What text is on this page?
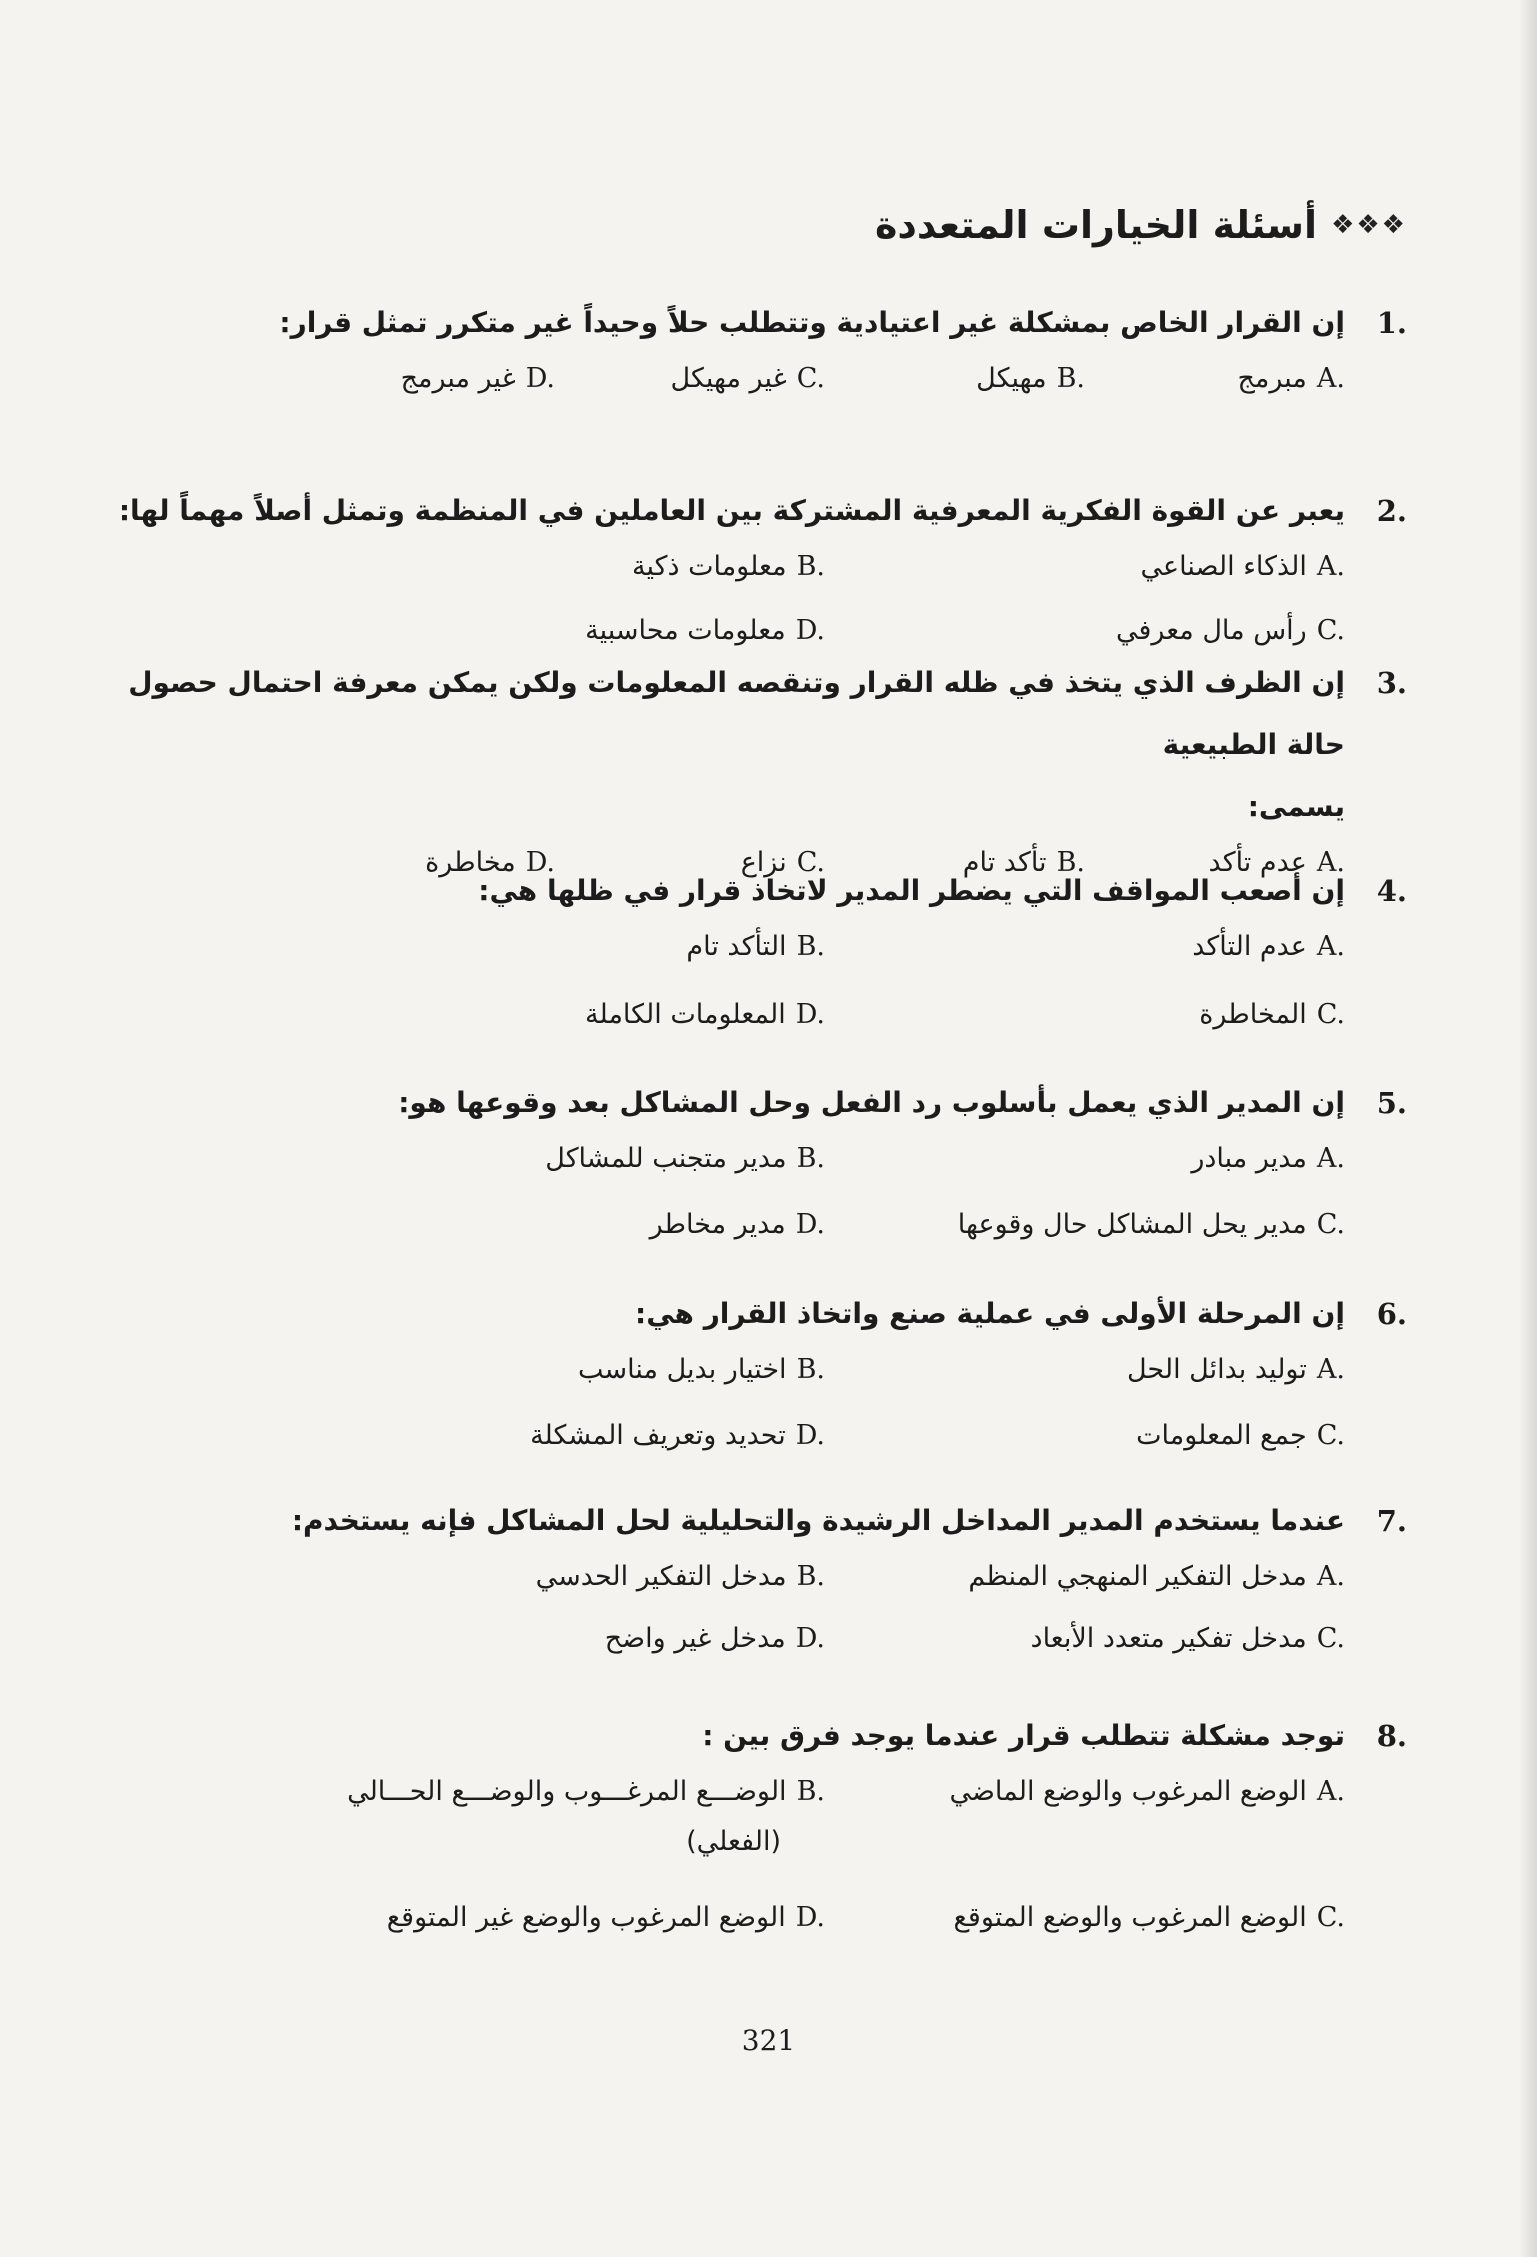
❖❖❖
أسئلة الخيارات المتعددة
1.
إن القرار الخاص بمشكلة غير اعتيادية وتتطلب حلاً وحيداً غير متكرر تمثل قرار:
A.
مبرمج
B.
مهيكل
C.
غير مهيكل
D.
غير مبرمج
2.
يعبر عن القوة الفكرية المعرفية المشتركة بين العاملين في المنظمة وتمثل أصلاً مهماً لها:
A.
الذكاء الصناعي
B.
معلومات ذكية
C.
رأس مال معرفي
D.
معلومات محاسبية
3.
إن الظرف الذي يتخذ في ظله القرار وتنقصه المعلومات ولكن يمكن معرفة احتمال حصول حالة الطبيعية
يسمى:
A.
عدم تأكد
B.
تأكد تام
C.
نزاع
D.
مخاطرة
4.
إن أصعب المواقف التي يضطر المدير لاتخاذ قرار في ظلها هي:
A.
عدم التأكد
B.
التأكد تام
C.
المخاطرة
D.
المعلومات الكاملة
5.
إن المدير الذي يعمل بأسلوب رد الفعل وحل المشاكل بعد وقوعها هو:
A.
مدير مبادر
B.
مدير متجنب للمشاكل
C.
مدير يحل المشاكل حال وقوعها
D.
مدير مخاطر
6.
إن المرحلة الأولى في عملية صنع واتخاذ القرار هي:
A.
توليد بدائل الحل
B.
اختيار بديل مناسب
C.
جمع المعلومات
D.
تحديد وتعريف المشكلة
7.
عندما يستخدم المدير المداخل الرشيدة والتحليلية لحل المشاكل فإنه يستخدم:
A.
مدخل التفكير المنهجي المنظم
B.
مدخل التفكير الحدسي
C.
مدخل تفكير متعدد الأبعاد
D.
مدخل غير واضح
8.
توجد مشكلة تتطلب قرار عندما يوجد فرق بين :
A.
الوضع المرغوب والوضع الماضي
B.
الوضـــع المرغـــوب والوضـــع الحـــالي
(الفعلي)
C.
الوضع المرغوب والوضع المتوقع
D.
الوضع المرغوب والوضع غير المتوقع
321
